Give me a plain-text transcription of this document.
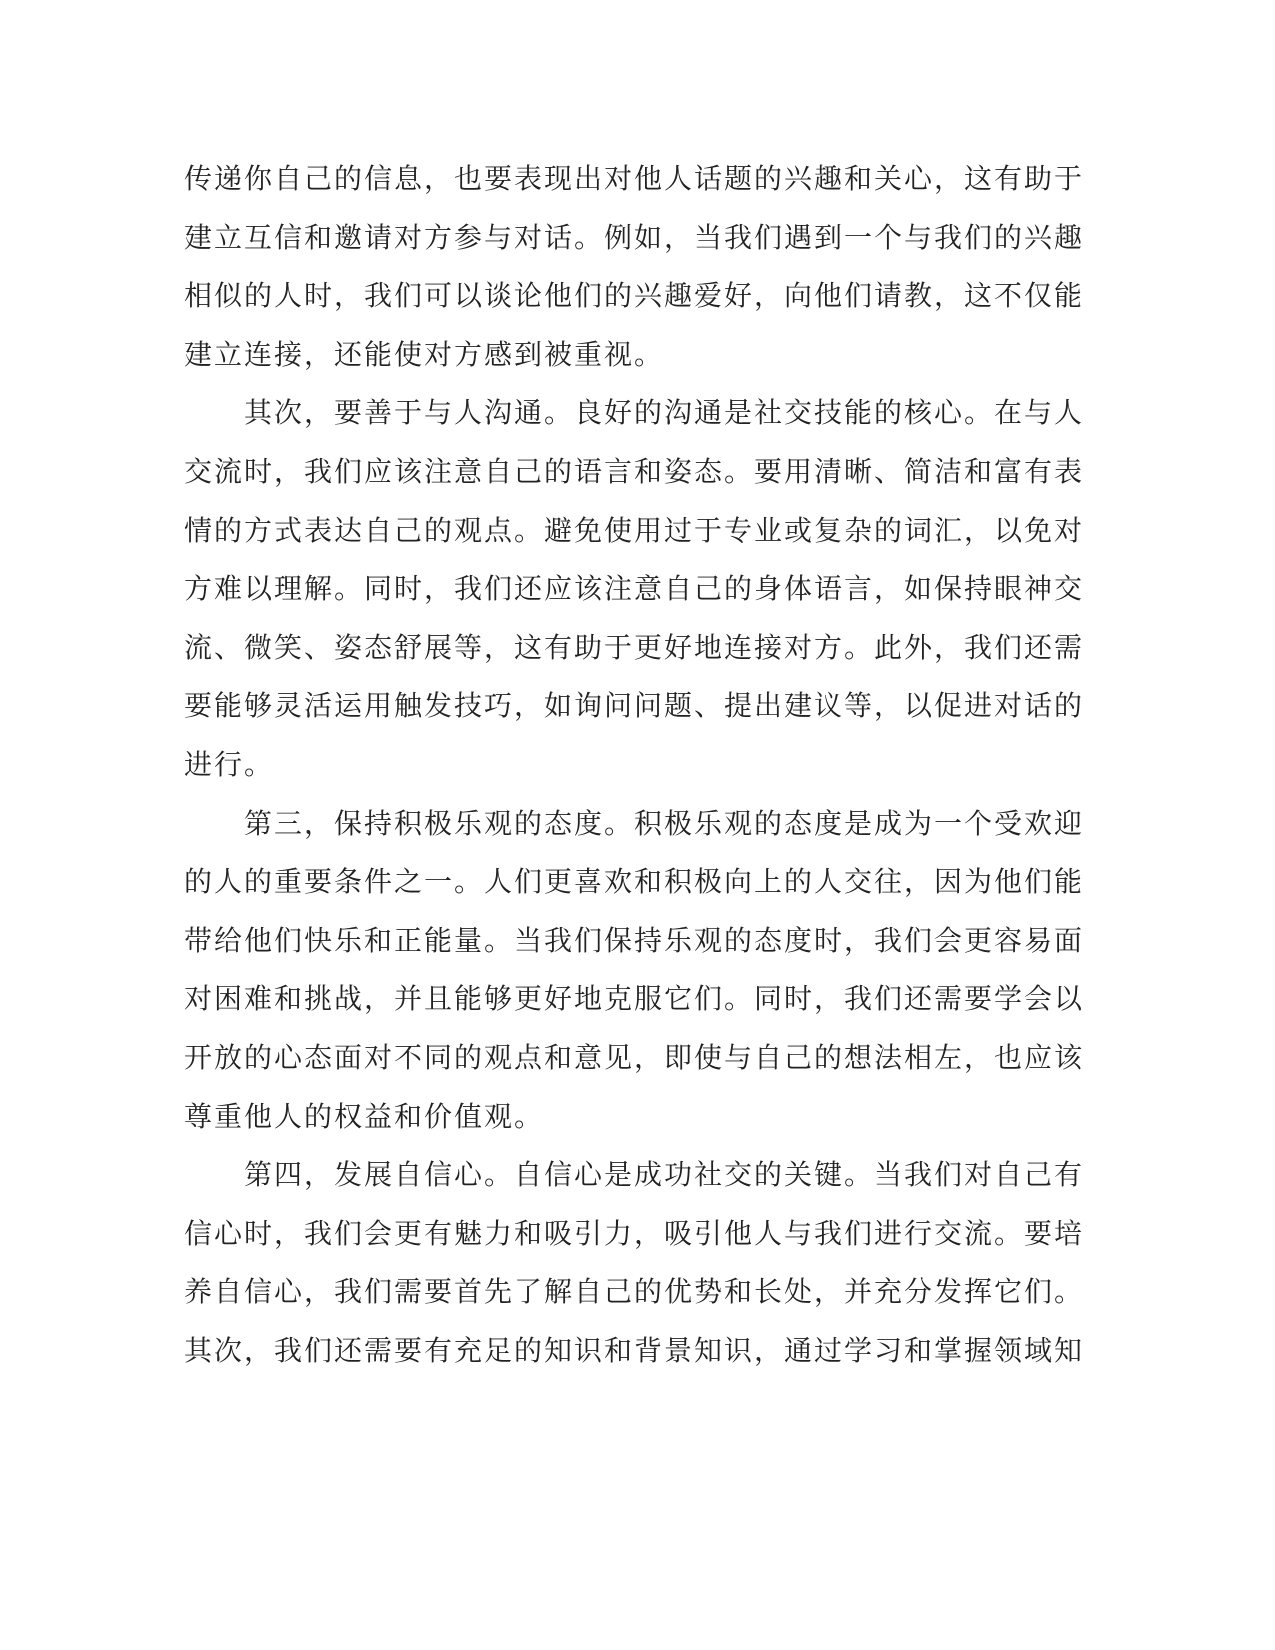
传递你自己的信息，也要表现出对他人话题的兴趣和关心，这有助于
建立互信和邀请对方参与对话。例如，当我们遇到一个与我们的兴趣
相似的人时，我们可以谈论他们的兴趣爱好，向他们请教，这不仅能
建立连接，还能使对方感到被重视。
　　其次，要善于与人沟通。良好的沟通是社交技能的核心。在与人
交流时，我们应该注意自己的语言和姿态。要用清晰、简洁和富有表
情的方式表达自己的观点。避免使用过于专业或复杂的词汇，以免对
方难以理解。同时，我们还应该注意自己的身体语言，如保持眼神交
流、微笑、姿态舒展等，这有助于更好地连接对方。此外，我们还需
要能够灵活运用触发技巧，如询问问题、提出建议等，以促进对话的
进行。
　　第三，保持积极乐观的态度。积极乐观的态度是成为一个受欢迎
的人的重要条件之一。人们更喜欢和积极向上的人交往，因为他们能
带给他们快乐和正能量。当我们保持乐观的态度时，我们会更容易面
对困难和挑战，并且能够更好地克服它们。同时，我们还需要学会以
开放的心态面对不同的观点和意见，即使与自己的想法相左，也应该
尊重他人的权益和价值观。
　　第四，发展自信心。自信心是成功社交的关键。当我们对自己有
信心时，我们会更有魅力和吸引力，吸引他人与我们进行交流。要培
养自信心，我们需要首先了解自己的优势和长处，并充分发挥它们。
其次，我们还需要有充足的知识和背景知识，通过学习和掌握领域知
